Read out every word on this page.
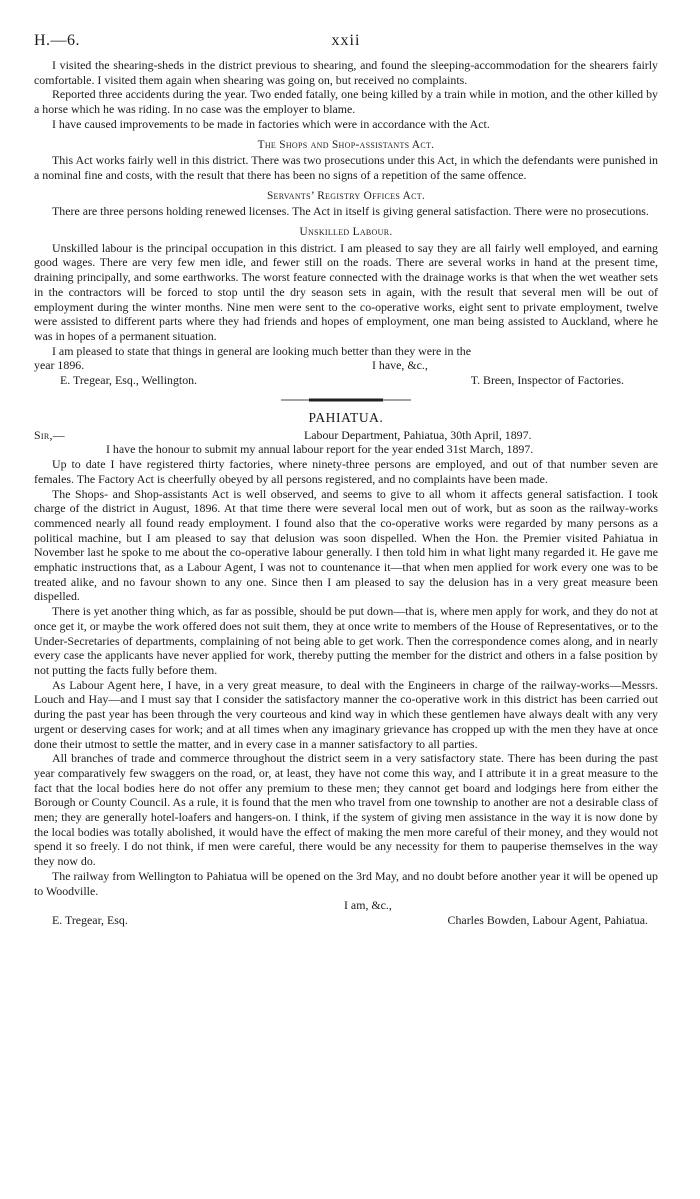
H.—6.	xxii

I visited the shearing-sheds in the district previous to shearing, and found the sleeping-accommodation for the shearers fairly comfortable. I visited them again when shearing was going on, but received no complaints.

Reported three accidents during the year. Two ended fatally, one being killed by a train while in motion, and the other killed by a horse which he was riding. In no case was the employer to blame.

I have caused improvements to be made in factories which were in accordance with the Act.

The Shops and Shop-assistants Act.

This Act works fairly well in this district. There was two prosecutions under this Act, in which the defendants were punished in a nominal fine and costs, with the result that there has been no signs of a repetition of the same offence.

Servants’ Registry Offices Act.

There are three persons holding renewed licenses. The Act in itself is giving general satisfaction. There were no prosecutions.

Unskilled Labour.

Unskilled labour is the principal occupation in this district. I am pleased to say they are all fairly well employed, and earning good wages. There are very few men idle, and fewer still on the roads. There are several works in hand at the present time, draining principally, and some earthworks. The worst feature connected with the drainage works is that when the wet weather sets in the contractors will be forced to stop until the dry season sets in again, with the result that several men will be out of employment during the winter months. Nine men were sent to the co-operative works, eight sent to private employment, twelve were assisted to different parts where they had friends and hopes of employment, one man being assisted to Auckland, where he was in hopes of a permanent situation.

I am pleased to state that things in general are looking much better than they were in the

year 1896.	I have, &c.,
E. Tregear, Esq., Wellington.	T. Breen, Inspector of Factories.
PAHIATUA.
Sir,—	Labour Department, Pahiatua, 30th April, 1897.

I have the honour to submit my annual labour report for the year ended 31st March, 1897.

Up to date I have registered thirty factories, where ninety-three persons are employed, and out of that number seven are females. The Factory Act is cheerfully obeyed by all persons registered, and no complaints have been made.

The Shops- and Shop-assistants Act is well observed, and seems to give to all whom it affects general satisfaction. I took charge of the district in August, 1896. At that time there were several local men out of work, but as soon as the railway-works commenced nearly all found ready employment. I found also that the co-operative works were regarded by many persons as a political machine, but I am pleased to say that delusion was soon dispelled. When the Hon. the Premier visited Pahiatua in November last he spoke to me about the co-operative labour generally. I then told him in what light many regarded it. He gave me emphatic instructions that, as a Labour Agent, I was not to countenance it—that when men applied for work every one was to be treated alike, and no favour shown to any one. Since then I am pleased to say the delusion has in a very great measure been dispelled.

There is yet another thing which, as far as possible, should be put down—that is, where men apply for work, and they do not at once get it, or maybe the work offered does not suit them, they at once write to members of the House of Representatives, or to the Under-Secretaries of departments, complaining of not being able to get work. Then the correspondence comes along, and in nearly every case the applicants have never applied for work, thereby putting the member for the district and others in a false position by not putting the facts fully before them.

As Labour Agent here, I have, in a very great measure, to deal with the Engineers in charge of the railway-works—Messrs. Louch and Hay—and I must say that I consider the satisfactory manner the co-operative work in this district has been carried out during the past year has been through the very courteous and kind way in which these gentlemen have always dealt with any very urgent or deserving cases for work; and at all times when any imaginary grievance has cropped up with the men they have at once done their utmost to settle the matter, and in every case in a manner satisfactory to all parties.

All branches of trade and commerce throughout the district seem in a very satisfactory state. There has been during the past year comparatively few swaggers on the road, or, at least, they have not come this way, and I attribute it in a great measure to the fact that the local bodies here do not offer any premium to these men; they cannot get board and lodgings here from either the Borough or County Council. As a rule, it is found that the men who travel from one township to another are not a desirable class of men; they are generally hotel-loafers and hangers-on. I think, if the system of giving men assistance in the way it is now done by the local bodies was totally abolished, it would have the effect of making the men more careful of their money, and they would not spend it so freely. I do not think, if men were careful, there would be any necessity for them to pauperise themselves in the way they now do.

The railway from Wellington to Pahiatua will be opened on the 3rd May, and no doubt before another year it will be opened up to Woodville.

I am, &c.,

E. Tregear, Esq.	Charles Bowden, Labour Agent, Pahiatua.
